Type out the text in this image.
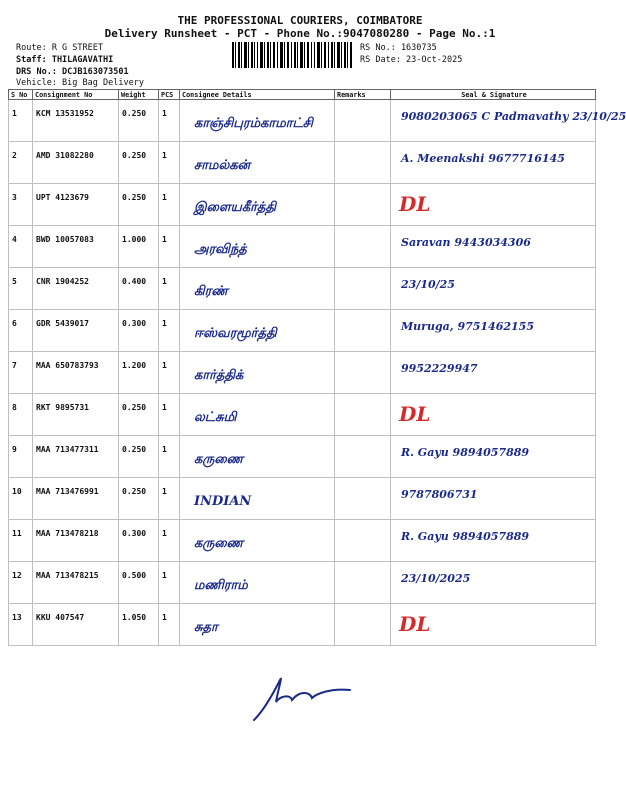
THE PROFESSIONAL COURIERS, COIMBATORE
Delivery Runsheet - PCT - Phone No.:9047080280 - Page No.:1
Route: R G STREET
Staff: THILAGAVATHI
DRS No.: DCJB163073501
Vehicle: Big Bag Delivery
RS No.: 1630735
RS Date: 23-Oct-2025
S No	Consignment No	Weight	PCS	Consignee Details	Remarks	Seal & Signature
1	KCM 13531952	0.250	1	காஞ்சிபுரம்காமாட்சி		9080203065 C Padmavathy 23/10/25

2	AMD 31082280	0.250	1	சாமல்கன்		A. Meenakshi 9677716145

3	UPT 4123679	0.250	1	இளையகீர்த்தி		DL

4	BWD 10057083	1.000	1	அரவிந்த்		Saravan 9443034306

5	CNR 1904252	0.400	1	கிரண்		23/10/25

6	GDR 5439017	0.300	1	ஈஸ்வரமூர்த்தி		Muruga, 9751462155

7	MAA 650783793	1.200	1	கார்த்திக்		9952229947

8	RKT 9895731	0.250	1	லட்சுமி		DL

9	MAA 713477311	0.250	1	கருணை		R. Gayu 9894057889

10	MAA 713476991	0.250	1	INDIAN		9787806731

11	MAA 713478218	0.300	1	கருணை		R. Gayu 9894057889

12	MAA 713478215	0.500	1	மணிராம்		23/10/2025

13	KKU 407547	1.050	1	சுதா		DL
